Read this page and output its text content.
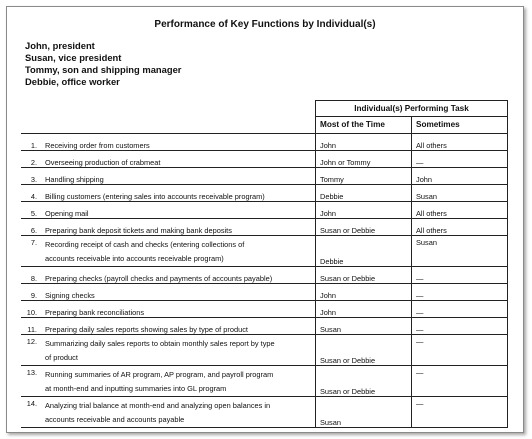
Performance of Key Functions by Individual(s)
John, president
Susan, vice president
Tommy, son and shipping manager
Debbie, office worker
		Individual(s) Performing Task	
		Most of the Time	Sometimes
1.	Receiving order from customers	John	All others
2.	Overseeing production of crabmeat	John or Tommy	—
3.	Handling shipping	Tommy	John
4.	Billing customers (entering sales into accounts receivable program)	Debbie	Susan
5.	Opening mail	John	All others
6.	Preparing bank deposit tickets and making bank deposits	Susan or Debbie	All others
7.	Recording receipt of cash and checks (entering collections of
accounts receivable into accounts receivable program)	Debbie	Susan
8.	Preparing checks (payroll checks and payments of accounts payable)	Susan or Debbie	—
9.	Signing checks	John	—
10.	Preparing bank reconciliations	John	—
11.	Preparing daily sales reports showing sales by type of product	Susan	—
12.	Summarizing daily sales reports to obtain monthly sales report by type
of product	Susan or Debbie	—
13.	Running summaries of AR program, AP program, and payroll program
at month-end and inputting summaries into GL program	Susan or Debbie	—
14.	Analyzing trial balance at month-end and analyzing open balances in
accounts receivable and accounts payable	Susan	—
